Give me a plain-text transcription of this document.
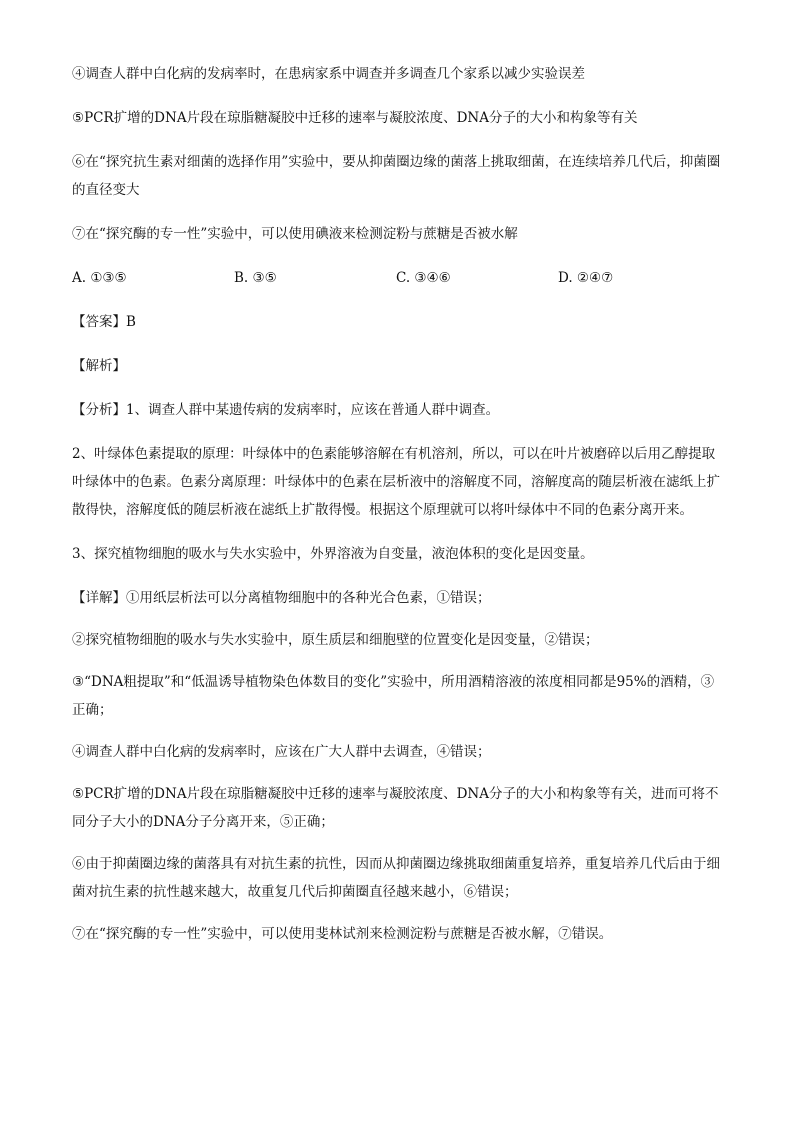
④调查人群中白化病的发病率时，在患病家系中调查并多调查几个家系以减少实验误差

⑤PCR扩增的DNA片段在琼脂糖凝胶中迁移的速率与凝胶浓度、DNA分子的大小和构象等有关

⑥在“探究抗生素对细菌的选择作用”实验中，要从抑菌圈边缘的菌落上挑取细菌，在连续培养几代后，抑菌圈的直径变大

⑦在“探究酶的专一性”实验中，可以使用碘液来检测淀粉与蔗糖是否被水解

A. ①③⑤	B. ③⑤	C. ③④⑥	D. ②④⑦

【答案】B

【解析】

【分析】1、调查人群中某遗传病的发病率时，应该在普通人群中调查。

2、叶绿体色素提取的原理：叶绿体中的色素能够溶解在有机溶剂，所以，可以在叶片被磨碎以后用乙醇提取叶绿体中的色素。色素分离原理：叶绿体中的色素在层析液中的溶解度不同，溶解度高的随层析液在滤纸上扩散得快，溶解度低的随层析液在滤纸上扩散得慢。根据这个原理就可以将叶绿体中不同的色素分离开来。

3、探究植物细胞的吸水与失水实验中，外界溶液为自变量，液泡体积的变化是因变量。

【详解】①用纸层析法可以分离植物细胞中的各种光合色素，①错误；

②探究植物细胞的吸水与失水实验中，原生质层和细胞壁的位置变化是因变量，②错误；

③“DNA粗提取”和“低温诱导植物染色体数目的变化”实验中，所用酒精溶液的浓度相同都是95%的酒精，③正确；

④调查人群中白化病的发病率时，应该在广大人群中去调查，④错误；

⑤PCR扩增的DNA片段在琼脂糖凝胶中迁移的速率与凝胶浓度、DNA分子的大小和构象等有关，进而可将不同分子大小的DNA分子分离开来，⑤正确；

⑥由于抑菌圈边缘的菌落具有对抗生素的抗性，因而从抑菌圈边缘挑取细菌重复培养，重复培养几代后由于细菌对抗生素的抗性越来越大，故重复几代后抑菌圈直径越来越小，⑥错误；

⑦在“探究酶的专一性”实验中，可以使用斐林试剂来检测淀粉与蔗糖是否被水解，⑦错误。
